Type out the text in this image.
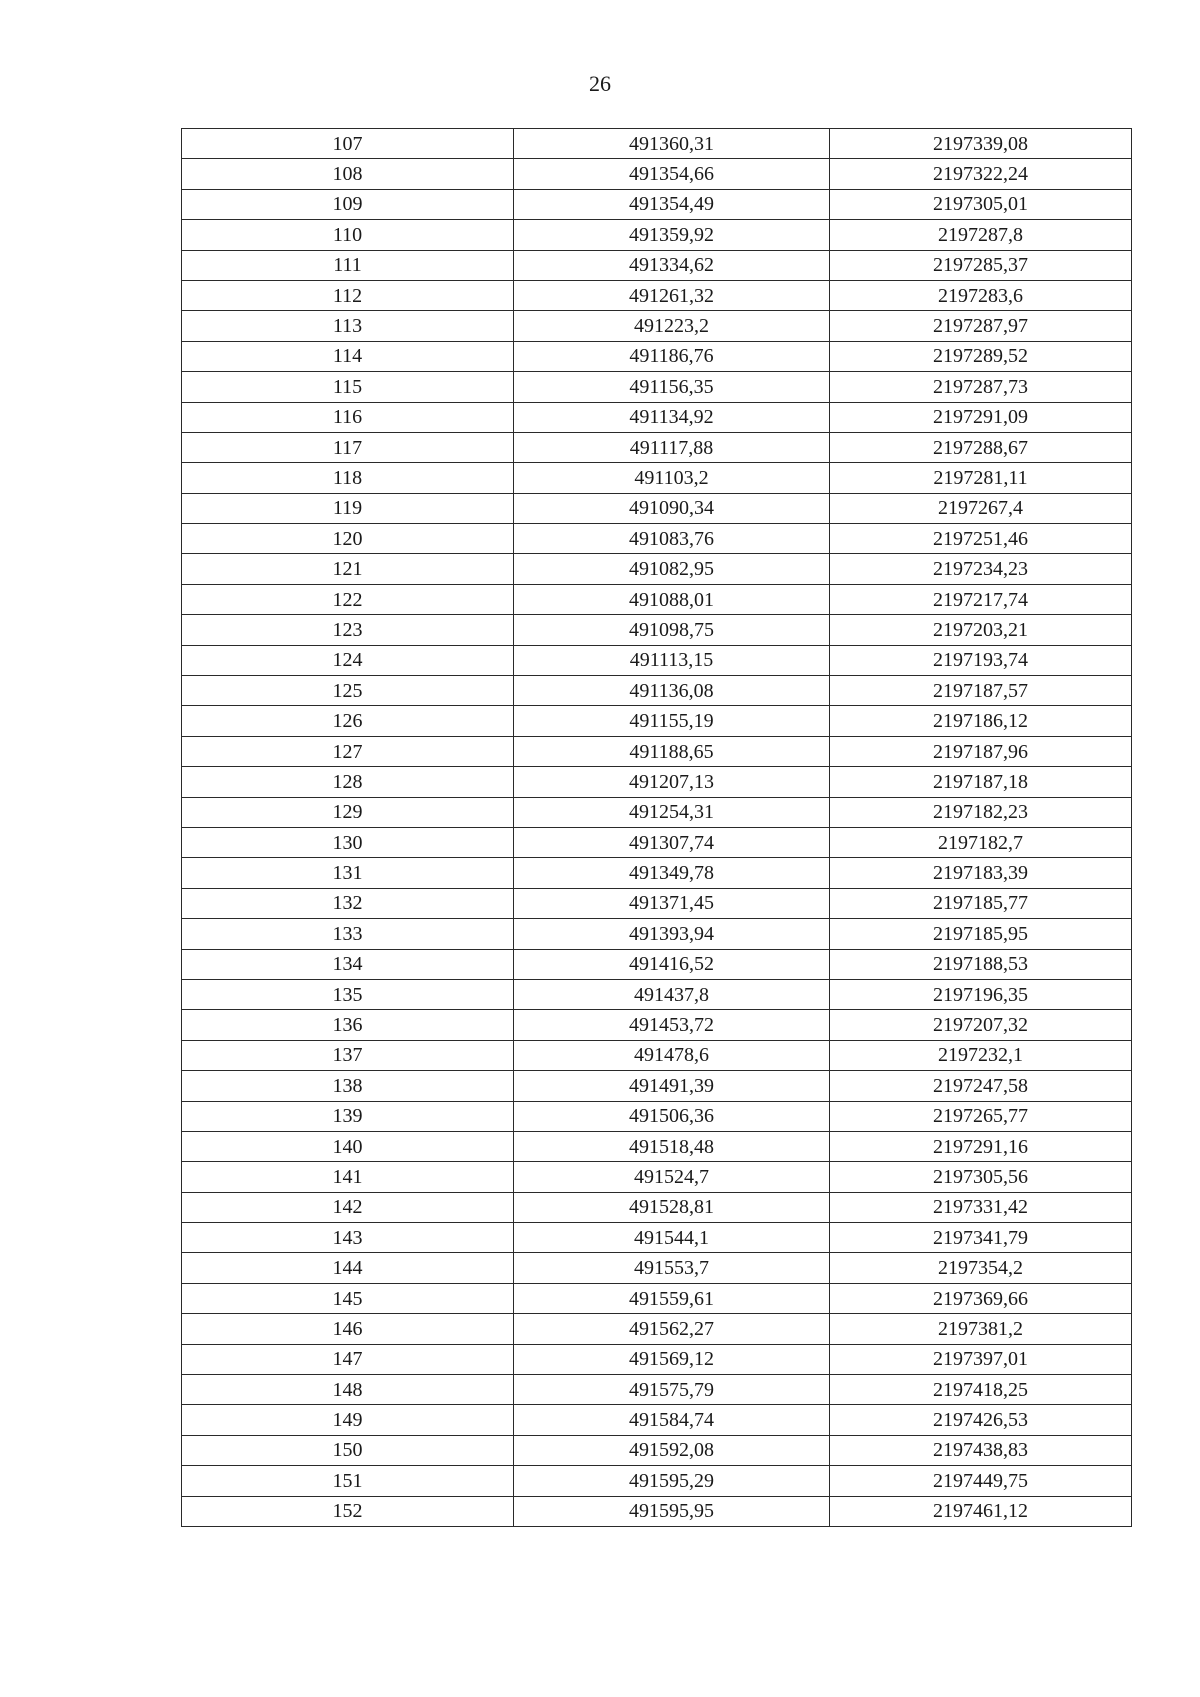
26
107	491360,31	2197339,08
108	491354,66	2197322,24
109	491354,49	2197305,01
110	491359,92	2197287,8
111	491334,62	2197285,37
112	491261,32	2197283,6
113	491223,2	2197287,97
114	491186,76	2197289,52
115	491156,35	2197287,73
116	491134,92	2197291,09
117	491117,88	2197288,67
118	491103,2	2197281,11
119	491090,34	2197267,4
120	491083,76	2197251,46
121	491082,95	2197234,23
122	491088,01	2197217,74
123	491098,75	2197203,21
124	491113,15	2197193,74
125	491136,08	2197187,57
126	491155,19	2197186,12
127	491188,65	2197187,96
128	491207,13	2197187,18
129	491254,31	2197182,23
130	491307,74	2197182,7
131	491349,78	2197183,39
132	491371,45	2197185,77
133	491393,94	2197185,95
134	491416,52	2197188,53
135	491437,8	2197196,35
136	491453,72	2197207,32
137	491478,6	2197232,1
138	491491,39	2197247,58
139	491506,36	2197265,77
140	491518,48	2197291,16
141	491524,7	2197305,56
142	491528,81	2197331,42
143	491544,1	2197341,79
144	491553,7	2197354,2
145	491559,61	2197369,66
146	491562,27	2197381,2
147	491569,12	2197397,01
148	491575,79	2197418,25
149	491584,74	2197426,53
150	491592,08	2197438,83
151	491595,29	2197449,75
152	491595,95	2197461,12
